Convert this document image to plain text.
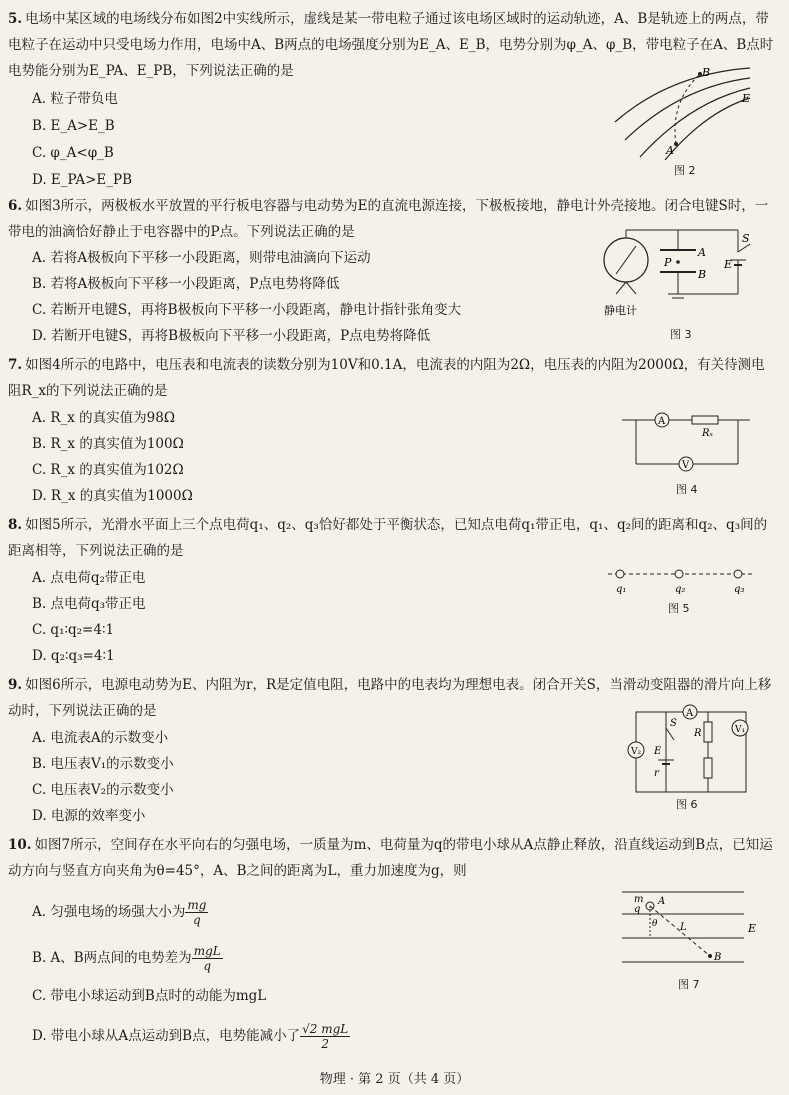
5. 电场中某区域的电场线分布如图2中实线所示，虚线是某一带电粒子通过该电场区域时的运动轨迹，A、B是轨迹上的两点，带电粒子在运动中只受电场力作用，电场中A、B两点的电场强度分别为E_A、E_B，电势分别为φ_A、φ_B，带电粒子在A、B点时电势能分别为E_PA、E_PB，下列说法正确的是
A. 粒子带负电
B. E_A>E_B
C. φ_A<φ_B
D. E_PA>E_PB
A
B
E
图 2
6. 如图3所示，两极板水平放置的平行板电容器与电动势为E的直流电源连接，下极板接地，静电计外壳接地。闭合电键S时，一带电的油滴恰好静止于电容器中的P点。下列说法正确的是
A. 若将A极板向下平移一小段距离，则带电油滴向下运动
B. 若将A极板向下平移一小段距离，P点电势将降低
C. 若断开电键S，再将B极板向下平移一小段距离，静电计指针张角变大
D. 若断开电键S，再将B极板向下平移一小段距离，P点电势将降低
A
B
P
S
E
静电计
图 3
7. 如图4所示的电路中，电压表和电流表的读数分别为10V和0.1A，电流表的内阻为2Ω，电压表的内阻为2000Ω，有关待测电阻R_x的下列说法正确的是
A. R_x 的真实值为98Ω
B. R_x 的真实值为100Ω
C. R_x 的真实值为102Ω
D. R_x 的真实值为1000Ω
A
V
Rₓ
图 4
8. 如图5所示，光滑水平面上三个点电荷q₁、q₂、q₃恰好都处于平衡状态，已知点电荷q₁带正电，q₁、q₂间的距离和q₂、q₃间的距离相等，下列说法正确的是
A. 点电荷q₂带正电
B. 点电荷q₃带正电
C. q₁∶q₂=4∶1
D. q₂∶q₃=4∶1
q₁	q₂	q₃
图 5
9. 如图6所示，电源电动势为E、内阻为r，R是定值电阻，电路中的电表均为理想电表。闭合开关S，当滑动变阻器的滑片向上移动时，下列说法正确的是
A. 电流表A的示数变小
B. 电压表V₁的示数变小
C. 电压表V₂的示数变小
D. 电源的效率变小
V₂
A
V₁
S
R
E
r
图 6
10. 如图7所示，空间存在水平向右的匀强电场，一质量为m、电荷量为q的带电小球从A点静止释放，沿直线运动到B点，已知运动方向与竖直方向夹角为θ=45°，A、B之间的距离为L，重力加速度为g，则
A. 匀强电场的场强大小为 $\frac{mg}{q}$
B. A、B两点间的电势差为 $\frac{\text{mgL}}{q}$
C. 带电小球运动到B点时的动能为mgL
D. 带电小球从A点运动到B点，电势能减小了 $\frac{\text{√2 mgL}}{2}$
m
q
A
θ L
B
E
图 7
物理 · 第 2 页（共 4 页）
